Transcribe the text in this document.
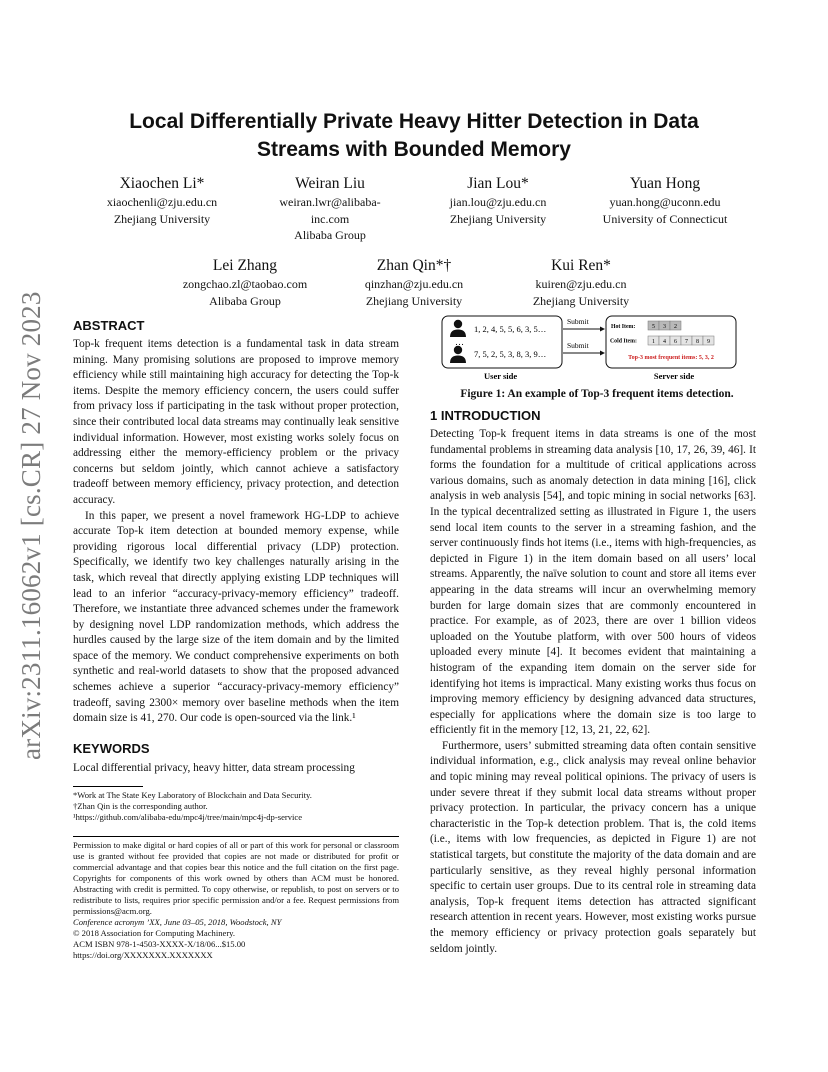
arXiv:2311.16062v1 [cs.CR] 27 Nov 2023
Local Differentially Private Heavy Hitter Detection in Data
Streams with Bounded Memory
Xiaochen Li*
xiaochenli@zju.edu.cn
Zhejiang University
Weiran Liu
weiran.lwr@alibaba-
inc.com
Alibaba Group
Jian Lou*
jian.lou@zju.edu.cn
Zhejiang University
Yuan Hong
yuan.hong@uconn.edu
University of Connecticut
Lei Zhang
zongchao.zl@taobao.com
Alibaba Group
Zhan Qin*†
qinzhan@zju.edu.cn
Zhejiang University
Kui Ren*
kuiren@zju.edu.cn
Zhejiang University
ABSTRACT

Top-k frequent items detection is a fundamental task in data stream mining. Many promising solutions are proposed to improve memory efficiency while still maintaining high accuracy for detecting the Top-k items. Despite the memory efficiency concern, the users could suffer from privacy loss if participating in the task without proper protection, since their contributed local data streams may continually leak sensitive individual information. However, most existing works solely focus on addressing either the memory-efficiency problem or the privacy concerns but seldom jointly, which cannot achieve a satisfactory tradeoff between memory efficiency, privacy protection, and detection accuracy.

In this paper, we present a novel framework HG-LDP to achieve accurate Top-k item detection at bounded memory expense, while providing rigorous local differential privacy (LDP) protection. Specifically, we identify two key challenges naturally arising in the task, which reveal that directly applying existing LDP techniques will lead to an inferior “accuracy-privacy-memory efficiency” tradeoff. Therefore, we instantiate three advanced schemes under the framework by designing novel LDP randomization methods, which address the hurdles caused by the large size of the item domain and by the limited space of the memory. We conduct comprehensive experiments on both synthetic and real-world datasets to show that the proposed advanced schemes achieve a superior “accuracy-privacy-memory efficiency” tradeoff, saving 2300× memory over baseline methods when the item domain size is 41, 270. Our code is open-sourced via the link.¹

KEYWORDS

Local differential privacy, heavy hitter, data stream processing

*Work at The State Key Laboratory of Blockchain and Data Security.
†Zhan Qin is the corresponding author.
¹https://github.com/alibaba-edu/mpc4j/tree/main/mpc4j-dp-service
Permission to make digital or hard copies of all or part of this work for personal or classroom use is granted without fee provided that copies are not made or distributed for profit or commercial advantage and that copies bear this notice and the full citation on the first page. Copyrights for components of this work owned by others than ACM must be honored. Abstracting with credit is permitted. To copy otherwise, or republish, to post on servers or to redistribute to lists, requires prior specific permission and/or a fee. Request permissions from permissions@acm.org.
Conference acronym ’XX, June 03–05, 2018, Woodstock, NY
© 2018 Association for Computing Machinery.
ACM ISBN 978-1-4503-XXXX-X/18/06...$15.00
https://doi.org/XXXXXXX.XXXXXXX
1, 2, 4, 5, 5, 6, 3, 5…
…
7, 5, 2, 5, 3, 8, 3, 9…
User side
Submit
Submit
Hot Item:	5 3 2
Cold Item:	1 4 6 7 8 9
Top-3 most frequent items: 5, 3, 2
Server side
Figure 1: An example of Top-3 frequent items detection.
1 INTRODUCTION

Detecting Top-k frequent items in data streams is one of the most fundamental problems in streaming data analysis [10, 17, 26, 39, 46]. It forms the foundation for a multitude of critical applications across various domains, such as anomaly detection in data mining [16], click analysis in web analysis [54], and topic mining in social networks [63]. In the typical decentralized setting as illustrated in Figure 1, the users send local item counts to the server in a streaming fashion, and the server continuously finds hot items (i.e., items with high-frequencies, as depicted in Figure 1) in the item domain based on all users’ local streams. Apparently, the naïve solution to count and store all items ever appearing in the data streams will incur an overwhelming memory burden for large domain sizes that are commonly encountered in practice. For example, as of 2023, there are over 1 billion videos uploaded on the Youtube platform, with over 500 hours of videos uploaded every minute [4]. It becomes evident that maintaining a histogram of the expanding item domain on the server side for identifying hot items is impractical. Many existing works thus focus on improving memory efficiency by designing advanced data structures, especially for applications where the domain size is too large to efficiently fit in the memory [12, 13, 21, 22, 62].

Furthermore, users’ submitted streaming data often contain sensitive individual information, e.g., click analysis may reveal online behavior and topic mining may reveal political opinions. The privacy of users is under severe threat if they submit local data streams without proper privacy protection. In particular, the privacy concern has a unique characteristic in the Top-k detection problem. That is, the cold items (i.e., items with low frequencies, as depicted in Figure 1) are not statistical targets, but constitute the majority of the data domain and are particularly sensitive, as they reveal highly personal information specific to certain user groups. Due to its central role in streaming data analysis, Top-k frequent items detection has attracted significant research attention in recent years. However, most existing works pursue the memory efficiency or privacy protection goals separately but seldom jointly.
